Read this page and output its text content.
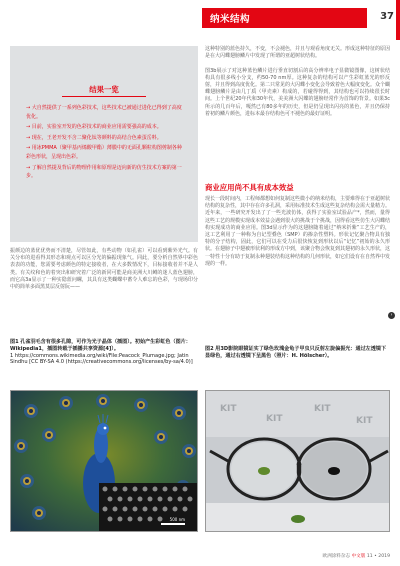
纳米结构	37
结果一览
→ 大自然提供了一系列色彩技术，这些技术已被通过进化已得到了高度优化。
→ 目前，实验室开发的色彩技术的商业应用需要强高的成本。
→ 现在，王老开发不含二聚化钛等颜料的高结合色素蛋岳料。
→ 用冰PMMA（聚甲基丙烯酸甲酯）薄膜中的无面孔颗粒构图剪制各种彩色形状，呈现出色彩。
→ 了解自然提及背后的物理作用和原理是迈向新的仿生技术方案的第一步。
振颜边的蓝优优势而不清楚，尽管如此，有些动物（如孔雀）可以看到紫外光气。有关分布的进看得其形态和观点可以区分光的偏振现象气。同此，要分析自然界中彩色表表的功能，您需要考虑颜色的特定接收者，在大多数情况下，目标接收者并不是人类。有关纹和色的着突出和研究着广泛的新同可能是商美洲大川鳟的迷人蓝色翅膀，而它高3a显示了一种实隐蓝问螺，其具有这类蝴蝶中蓄令人难忘的色彩，与现场印分中的简单多面黑莫层反射阮——
图1 孔雀羽毛含有很多孔隙，可作为光子晶体（插图）。初始产生彩虹色（图片：Wikipedia1，插图转载于插播共享资源[4]）。
1 https://commons.wikimedia.org/wiki/File:Peacock_Plumage.jpg; Jatin Sindhu [CC BY-SA 4.0 (https://creativecommons.org/licenses/by-sa/4.0)]
500 nm
这种特别的蓝色持久，不变，不会褪色，并且与观看角度无关。形成这种特征的原因是在大闪蝶翅膀鳞片中发现了所谓的亚超树状结构。

图3b展示了对这种蓝色鳞片进行垂直切割后的高分辨率电子显微镜图像，这树状结构具有很多线小分支，约50-70 nm厚。这种复杂的结构可以产生彩虹蓝光的形反射，并且得到高度优化。第二只常见的大闪蝶小变化会导致着色大幅度变化。众个蝴蝶翅膀鳞片是由几丁质（甲壳素）构成的，若碰得得到，其结构也可以持续很长时间。上个世纪20年代和30年代，美美洲大闪蝶的翅膀经常作为首饰的背景。如果3c所示的几百年后，嘎然已有80多年的历史，但是仍呈现出闪亮的蓝色，并且仍保持着初的鳞片颜色，进标本最存结构色可不褪色的最好证明。
商业应用尚不具有成本效益
现长一段时间内，工程师都想如何复制这些微小的纳米结构，主要难得在于亚超树状结构的复杂性，其中存在许多孔洞，采用标准技术生成这些复杂结构会需大量精力。近年来，一些研究开发出了了一些光波仿体，获得了实验室试验品产*，然而，量得这些工艺的规模实现成本效益会遇到很大的挑战于个挑战，因得看这些仿生大闪蝶结构实现成功的商业应用。图3d显示作为的这翅膀随着通过“纳米折紫”工艺生产的，这工艺利用了一种称为自记型叠色（SMP）的掺杂性塑料。形状记忆聚合物具有独特的分子结构，固此，它们可以在受力后很快恢复到形状以后“记忆”初始的永久形状。在翅膀子中翅被形状利的形成方中到，该聚合物会恢复到其翅初的永久形状，这一特性十分有助于复制永种翅装结构这种结构的几何形状，如它们设有在自然界中发现的一样。
›
图2 用3D影院眼镜证实了绿色玫瑰金龟子甲虫只反射左旋偏振光：通过左透镜下显绿色，通过右透镜下呈黑色（照片：H. Hölscher）。
KIT
KIT
KIT
KIT
欧洲涂料杂志 中文版 11 • 2019
